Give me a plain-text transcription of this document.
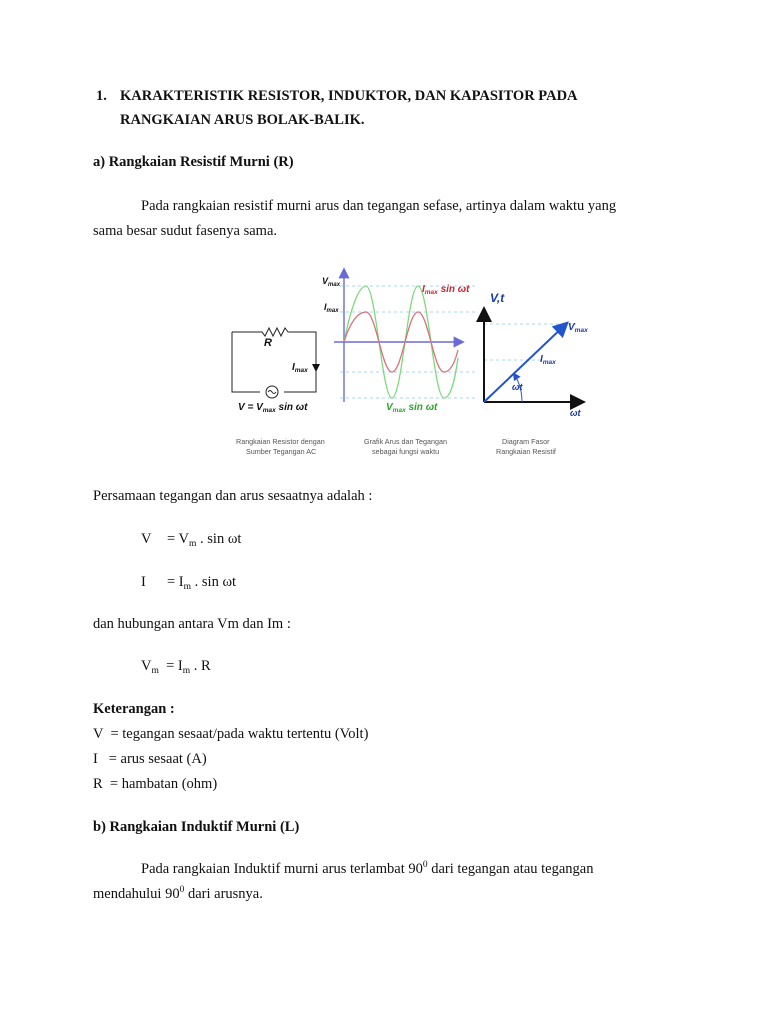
1. KARAKTERISTIK RESISTOR, INDUKTOR, DAN KAPASITOR PADA
RANGKAIAN ARUS BOLAK-BALIK.
a) Rangkaian Resistif Murni (R)
Pada rangkaian resistif murni arus dan tegangan sefase, artinya dalam waktu yang
sama besar sudut fasenya sama.
R
$I_{max}$
$V = V_{max}$ sin ωt
Rangkaian Resistor dengan
Sumber Tegangan AC
$V_{max}$
$I_{max}$
$I_{max}$ sin ωt
$V_{max}$ sin ωt
Grafik Arus dan Tegangan
sebagai fungsi waktu
V,t
$V_{max}$
$I_{max}$
ωt
ωt
Diagram Fasor
Rangkaian Resistif
Persamaan tegangan dan arus sesaatnya adalah :
$V = V_m$ . sin ωt
$I = I_m$ . sin ωt
dan hubungan antara Vm dan Im :
$V_m = I_m$ . R
Keterangan :
V  = tegangan sesaat/pada waktu tertentu (Volt)
I   = arus sesaat (A)
R  = hambatan (ohm)
b) Rangkaian Induktif Murni (L)
Pada rangkaian Induktif murni arus terlambat $90^0$ dari tegangan atau tegangan
mendahului $90^0$ dari arusnya.
